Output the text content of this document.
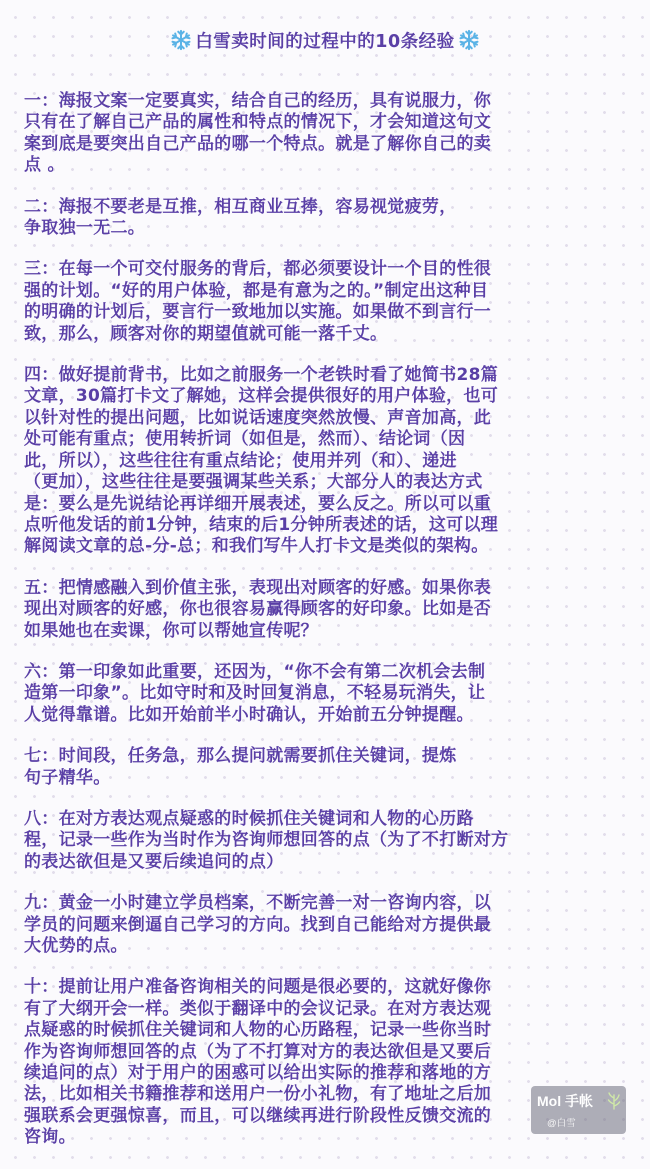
白雪卖时间的过程中的10条经验

一：海报文案一定要真实，结合自己的经历，具有说服力，你
只有在了解自己产品的属性和特点的情况下，才会知道这句文
案到底是要突出自己产品的哪一个特点。就是了解你自己的卖
点 。

二：海报不要老是互推，相互商业互捧，容易视觉疲劳，
争取独一无二。

三：在每一个可交付服务的背后，都必须要设计一个目的性很
强的计划。“好的用户体验，都是有意为之的。”制定出这种目
的明确的计划后，要言行一致地加以实施。如果做不到言行一
致，那么，顾客对你的期望值就可能一落千丈。

四：做好提前背书，比如之前服务一个老铁时看了她简书28篇
文章，30篇打卡文了解她，这样会提供很好的用户体验，也可
以针对性的提出问题，比如说话速度突然放慢、声音加高，此
处可能有重点；使用转折词（如但是，然而）、结论词（因
此，所以），这些往往有重点结论；使用并列（和）、递进
（更加），这些往往是要强调某些关系；大部分人的表达方式
是：要么是先说结论再详细开展表述，要么反之。所以可以重
点听他发话的前1分钟，结束的后1分钟所表述的话，这可以理
解阅读文章的总-分-总；和我们写牛人打卡文是类似的架构。

五：把情感融入到价值主张，表现出对顾客的好感。如果你表
现出对顾客的好感，你也很容易赢得顾客的好印象。比如是否
如果她也在卖课，你可以帮她宣传呢？

六：第一印象如此重要，还因为，“你不会有第二次机会去制
造第一印象”。比如守时和及时回复消息，不轻易玩消失，让
人觉得靠谱。比如开始前半小时确认，开始前五分钟提醒。

七：时间段，任务急，那么提问就需要抓住关键词，提炼
句子精华。

八：在对方表达观点疑惑的时候抓住关键词和人物的心历路
程，记录一些作为当时作为咨询师想回答的点（为了不打断对方
的表达欲但是又要后续追问的点）

九：黄金一小时建立学员档案，不断完善一对一咨询内容，以
学员的问题来倒逼自己学习的方向。找到自己能给对方提供最
大优势的点。

十：提前让用户准备咨询相关的问题是很必要的，这就好像你
有了大纲开会一样。类似于翻译中的会议记录。在对方表达观
点疑惑的时候抓住关键词和人物的心历路程，记录一些你当时
作为咨询师想回答的点（为了不打算对方的表达欲但是又要后
续追问的点）对于用户的困惑可以给出实际的推荐和落地的方
法，比如相关书籍推荐和送用户一份小礼物，有了地址之后加
强联系会更强惊喜，而且，可以继续再进行阶段性反馈交流的
咨询。

Mol 手帐
@白雪
